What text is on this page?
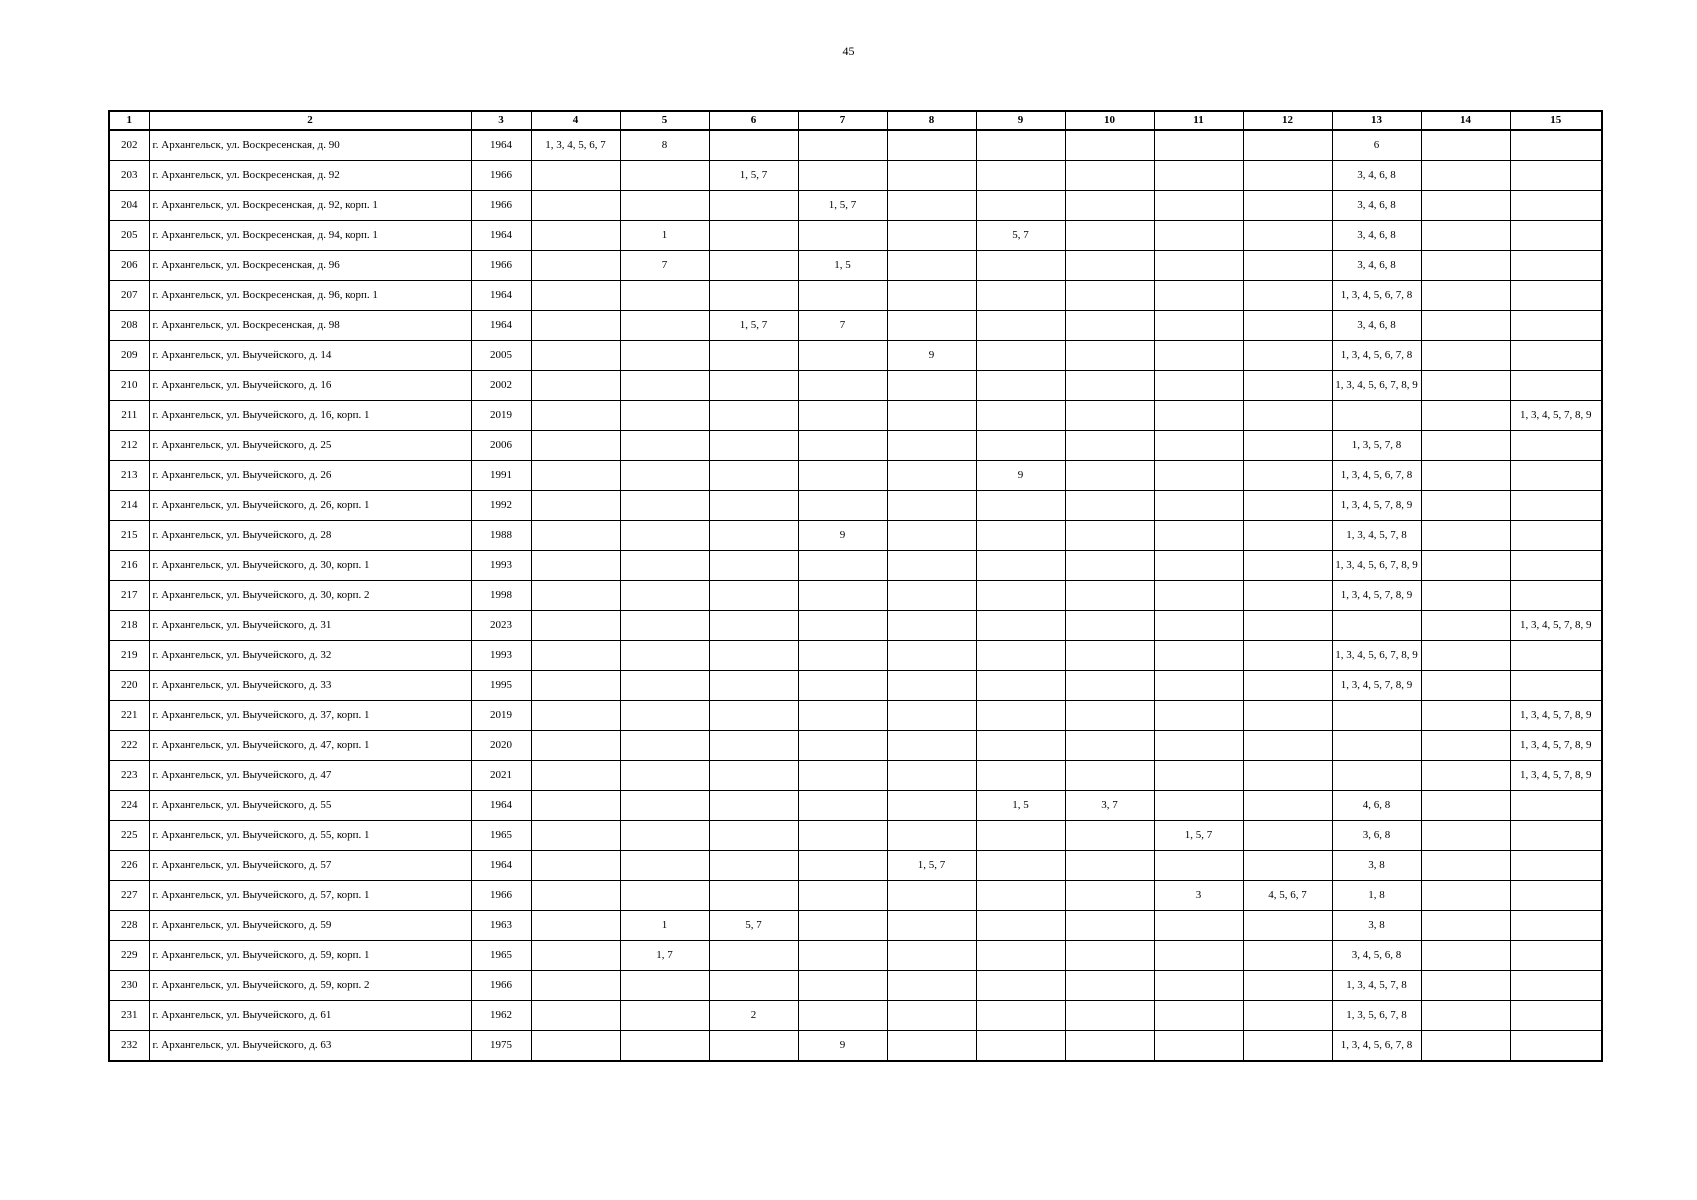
45
1	2	3	4	5	6	7	8	9	10	11	12	13	14	15
202	г. Архангельск, ул. Воскресенская, д. 90	1964	1, 3, 4, 5, 6, 7	8								6		
203	г. Архангельск, ул. Воскресенская, д. 92	1966			1, 5, 7							3, 4, 6, 8		
204	г. Архангельск, ул. Воскресенская, д. 92, корп. 1	1966				1, 5, 7						3, 4, 6, 8		
205	г. Архангельск, ул. Воскресенская, д. 94, корп. 1	1964		1				5, 7				3, 4, 6, 8		
206	г. Архангельск, ул. Воскресенская, д. 96	1966		7		1, 5						3, 4, 6, 8		
207	г. Архангельск, ул. Воскресенская, д. 96, корп. 1	1964										1, 3, 4, 5, 6, 7, 8		
208	г. Архангельск, ул. Воскресенская, д. 98	1964			1, 5, 7	7						3, 4, 6, 8		
209	г. Архангельск, ул. Выучейского, д. 14	2005					9					1, 3, 4, 5, 6, 7, 8		
210	г. Архангельск, ул. Выучейского, д. 16	2002										1, 3, 4, 5, 6, 7, 8, 9		
211	г. Архангельск, ул. Выучейского, д. 16, корп. 1	2019												1, 3, 4, 5, 7, 8, 9
212	г. Архангельск, ул. Выучейского, д. 25	2006										1, 3, 5, 7, 8		
213	г. Архангельск, ул. Выучейского, д. 26	1991						9				1, 3, 4, 5, 6, 7, 8		
214	г. Архангельск, ул. Выучейского, д. 26, корп. 1	1992										1, 3, 4, 5, 7, 8, 9		
215	г. Архангельск, ул. Выучейского, д. 28	1988				9						1, 3, 4, 5, 7, 8		
216	г. Архангельск, ул. Выучейского, д. 30, корп. 1	1993										1, 3, 4, 5, 6, 7, 8, 9		
217	г. Архангельск, ул. Выучейского, д. 30, корп. 2	1998										1, 3, 4, 5, 7, 8, 9		
218	г. Архангельск, ул. Выучейского, д. 31	2023												1, 3, 4, 5, 7, 8, 9
219	г. Архангельск, ул. Выучейского, д. 32	1993										1, 3, 4, 5, 6, 7, 8, 9		
220	г. Архангельск, ул. Выучейского, д. 33	1995										1, 3, 4, 5, 7, 8, 9		
221	г. Архангельск, ул. Выучейского, д. 37, корп. 1	2019												1, 3, 4, 5, 7, 8, 9
222	г. Архангельск, ул. Выучейского, д. 47, корп. 1	2020												1, 3, 4, 5, 7, 8, 9
223	г. Архангельск, ул. Выучейского, д. 47	2021												1, 3, 4, 5, 7, 8, 9
224	г. Архангельск, ул. Выучейского, д. 55	1964						1, 5	3, 7			4, 6, 8		
225	г. Архангельск, ул. Выучейского, д. 55, корп. 1	1965								1, 5, 7		3, 6, 8		
226	г. Архангельск, ул. Выучейского, д. 57	1964					1, 5, 7					3, 8		
227	г. Архангельск, ул. Выучейского, д. 57, корп. 1	1966								3	4, 5, 6, 7	1, 8		
228	г. Архангельск, ул. Выучейского, д. 59	1963		1	5, 7							3, 8		
229	г. Архангельск, ул. Выучейского, д. 59, корп. 1	1965		1, 7								3, 4, 5, 6, 8		
230	г. Архангельск, ул. Выучейского, д. 59, корп. 2	1966										1, 3, 4, 5, 7, 8		
231	г. Архангельск, ул. Выучейского, д. 61	1962			2							1, 3, 5, 6, 7, 8		
232	г. Архангельск, ул. Выучейского, д. 63	1975				9						1, 3, 4, 5, 6, 7, 8		
